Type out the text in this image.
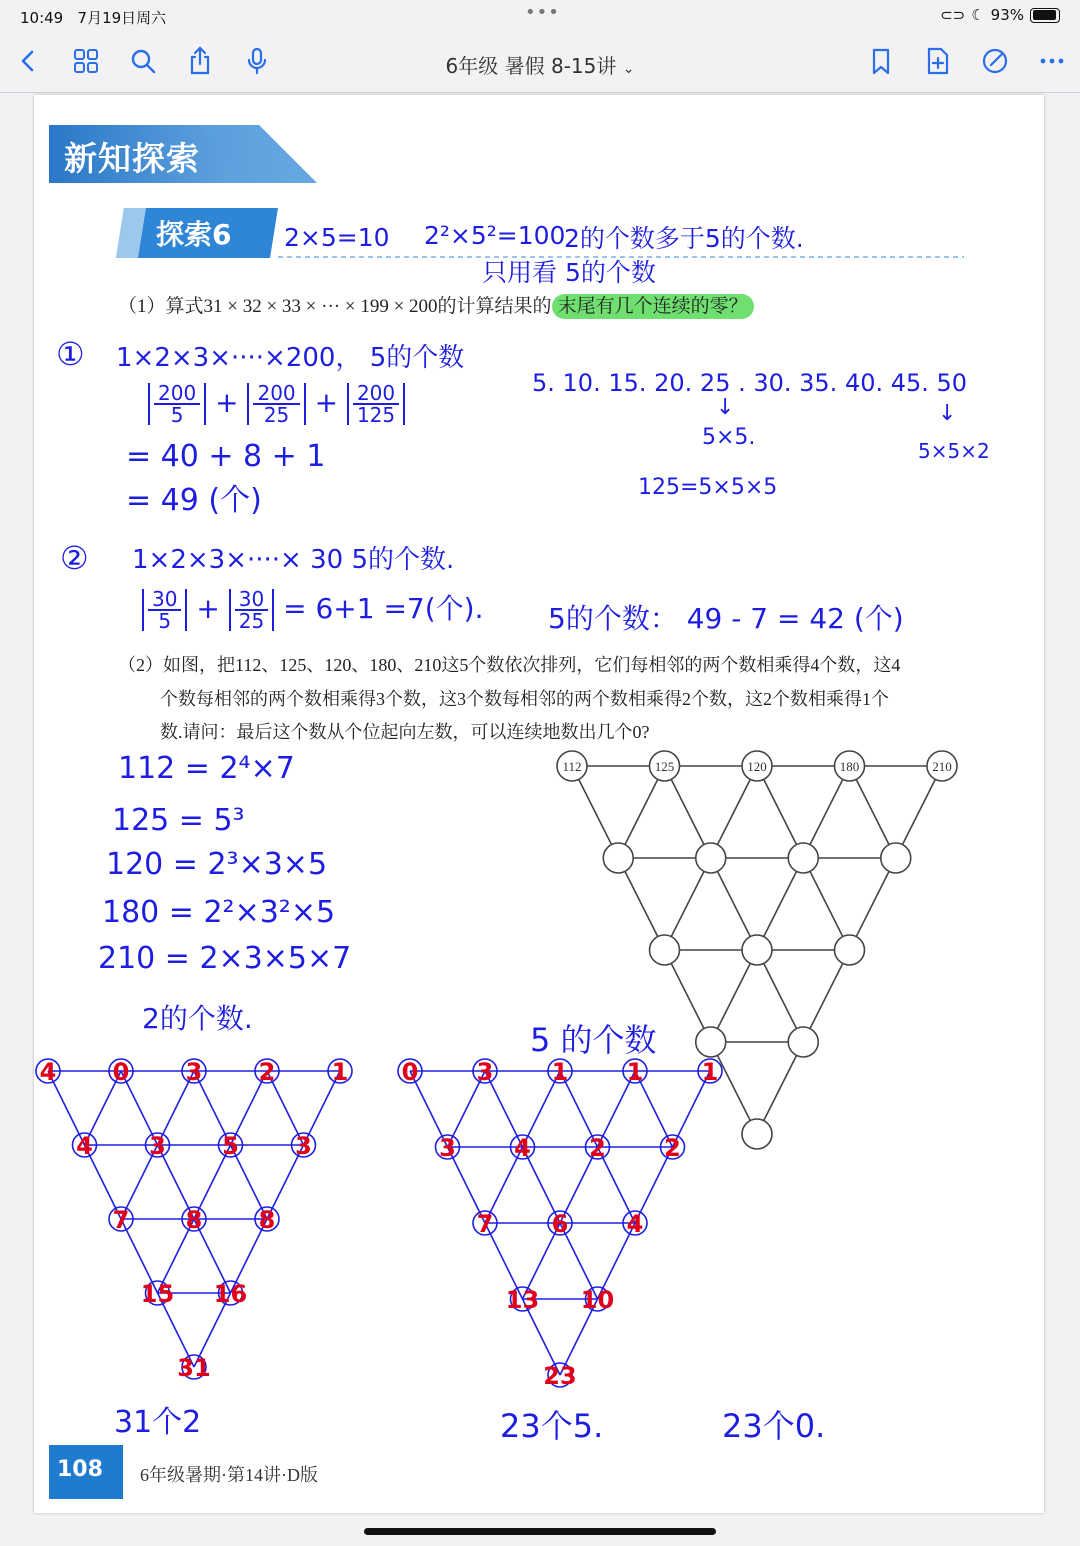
10:49 7月19日周六	•••	⊂⊃ ☾ 93%
6年级 暑假 8-15讲 ⌄
新知探索
探索6 2×5=10 2²×5²=100
2的个数多于5的个数.
只用看 5的个数
（1）算式31 × 32 × 33 × ··· × 199 × 200的计算结果的 末尾有几个连续的零？
① 1×2×3×····×200， 5的个数
$\frac{200}{5} + \frac{200}{25} + \frac{200}{125}$
= 40 + 8 + 1
= 49 (个)
5. 10. 15. 20. 25 . 30. 35. 40. 45. 50
↓	↓
5×5.
5×5×2
125=5×5×5
② 1×2×3×····× 30 5的个数.
$\frac{30}{5} + \frac{30}{25} = 6+1 =7$(个). 5的个数： 49 - 7 = 42 (个)
（2）如图，把112、125、120、180、210这5个数依次排列，它们每相邻的两个数相乘得4个数，这4
个数每相邻的两个数相乘得3个数，这3个数每相邻的两个数相乘得2个数，这2个数相乘得1个
数.请问：最后这个数从个位起向左数，可以连续地数出几个0?
112 = 2⁴×7
125 = 5³
120 = 2³×3×5
180 = 2²×3²×5
210 = 2×3×5×7
2的个数.
5 的个数
112	125	120	180	210
4 0 3 2 1
4 3 5 3
7 8 8
15 16
31
0 3 1 1 1
3 4 2 2
7 6 4
13 10
23
31个2	23个5.	23个0.
108 6年级暑期·第14讲·D版
